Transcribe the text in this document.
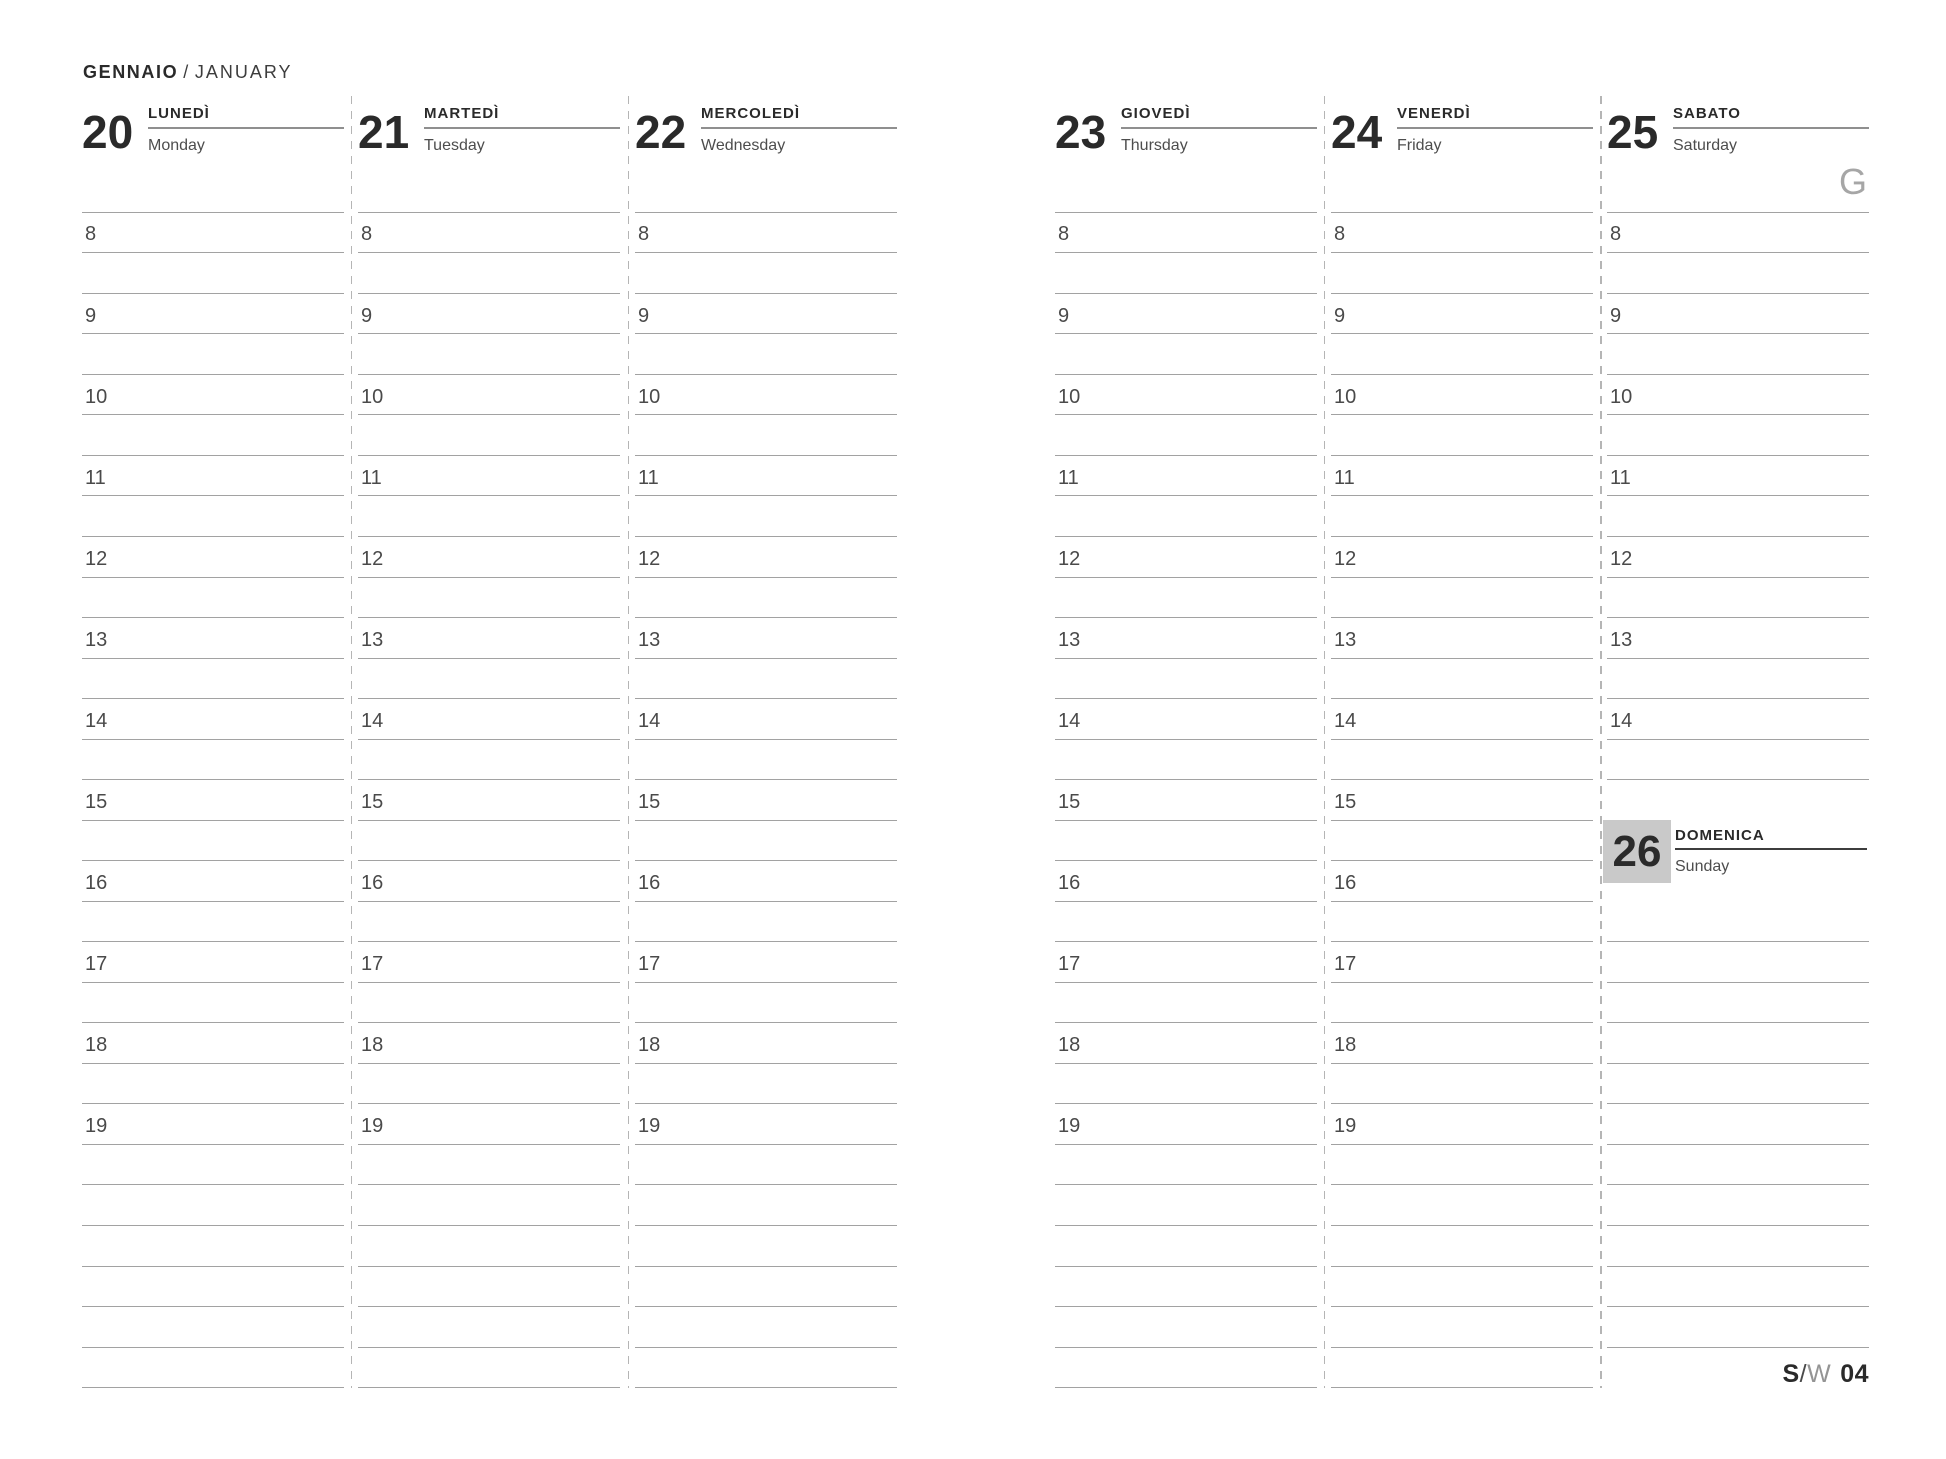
GENNAIO / JANUARY
G
S/W 04
20 LUNEDÌ
Monday
8
9
10
11
12
13
14
15
16
17
18
19
21 MARTEDÌ
Tuesday
8
9
10
11
12
13
14
15
16
17
18
19
22 MERCOLEDÌ
Wednesday
8
9
10
11
12
13
14
15
16
17
18
19
23 GIOVEDÌ
Thursday
8
9
10
11
12
13
14
15
16
17
18
19
24 VENERDÌ
Friday
8
9
10
11
12
13
14
15
16
17
18
19
25 SABATO
Saturday
8
9
10
11
12
13
14
26 DOMENICA
Sunday
